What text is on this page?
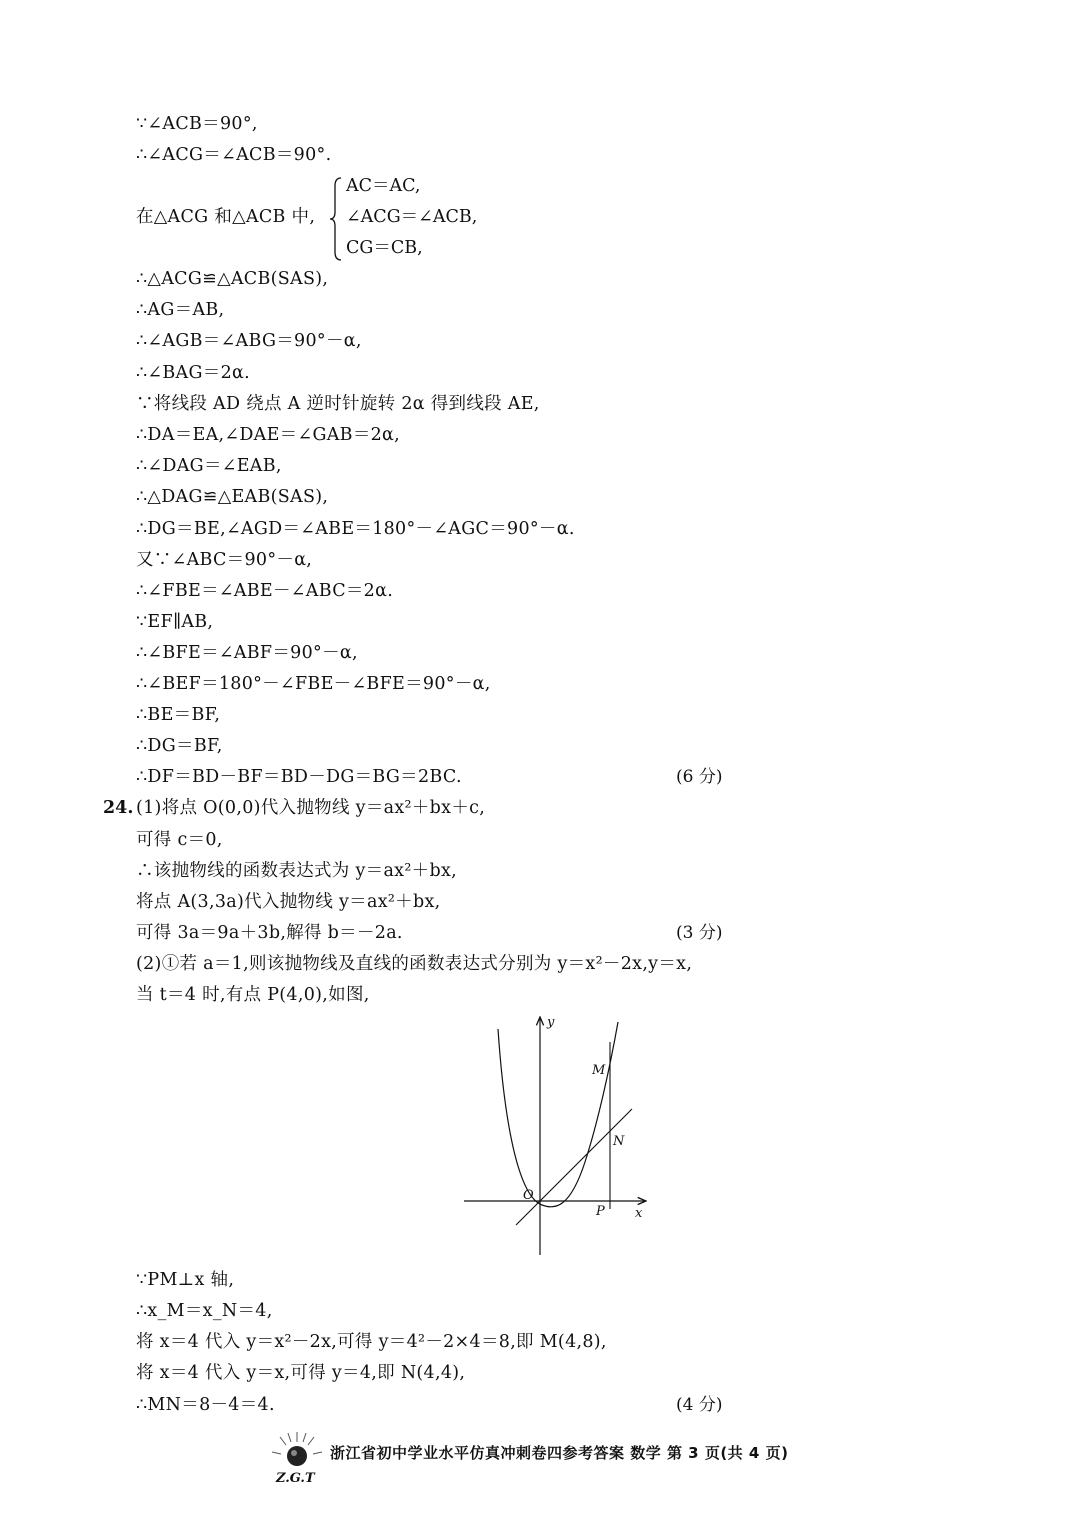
∵∠ACB＝90°,
∴∠ACG＝∠ACB＝90°.
在△ACG 和△ACB 中,
AC＝AC,
∠ACG＝∠ACB,
CG＝CB,
∴△ACG≌△ACB(SAS),
∴AG＝AB,
∴∠AGB＝∠ABG＝90°－α,
∴∠BAG＝2α.
∵将线段 AD 绕点 A 逆时针旋转 2α 得到线段 AE,
∴DA＝EA,∠DAE＝∠GAB＝2α,
∴∠DAG＝∠EAB,
∴△DAG≌△EAB(SAS),
∴DG＝BE,∠AGD＝∠ABE＝180°－∠AGC＝90°－α.
又∵∠ABC＝90°－α,
∴∠FBE＝∠ABE－∠ABC＝2α.
∵EF∥AB,
∴∠BFE＝∠ABF＝90°－α,
∴∠BEF＝180°－∠FBE－∠BFE＝90°－α,
∴BE＝BF,
∴DG＝BF,
∴DF＝BD－BF＝BD－DG＝BG＝2BC.	(6 分)
24. (1)将点 O(0,0)代入抛物线 y＝ax²＋bx＋c,
可得 c＝0,
∴该抛物线的函数表达式为 y＝ax²＋bx,
将点 A(3,3a)代入抛物线 y＝ax²＋bx,
可得 3a＝9a＋3b,解得 b＝－2a.	(3 分)
(2)①若 a＝1,则该抛物线及直线的函数表达式分别为 y＝x²－2x,y＝x,
当 t＝4 时,有点 P(4,0),如图,
y
x
O
P
M
N
∵PM⊥x 轴,
∴x_M＝x_N＝4,
将 x＝4 代入 y＝x²－2x,可得 y＝4²－2×4＝8,即 M(4,8),
将 x＝4 代入 y＝x,可得 y＝4,即 N(4,4),
∴MN＝8－4＝4.	(4 分)
Z.G.T
浙江省初中学业水平仿真冲刺卷四参考答案 数学 第 3 页(共 4 页)
